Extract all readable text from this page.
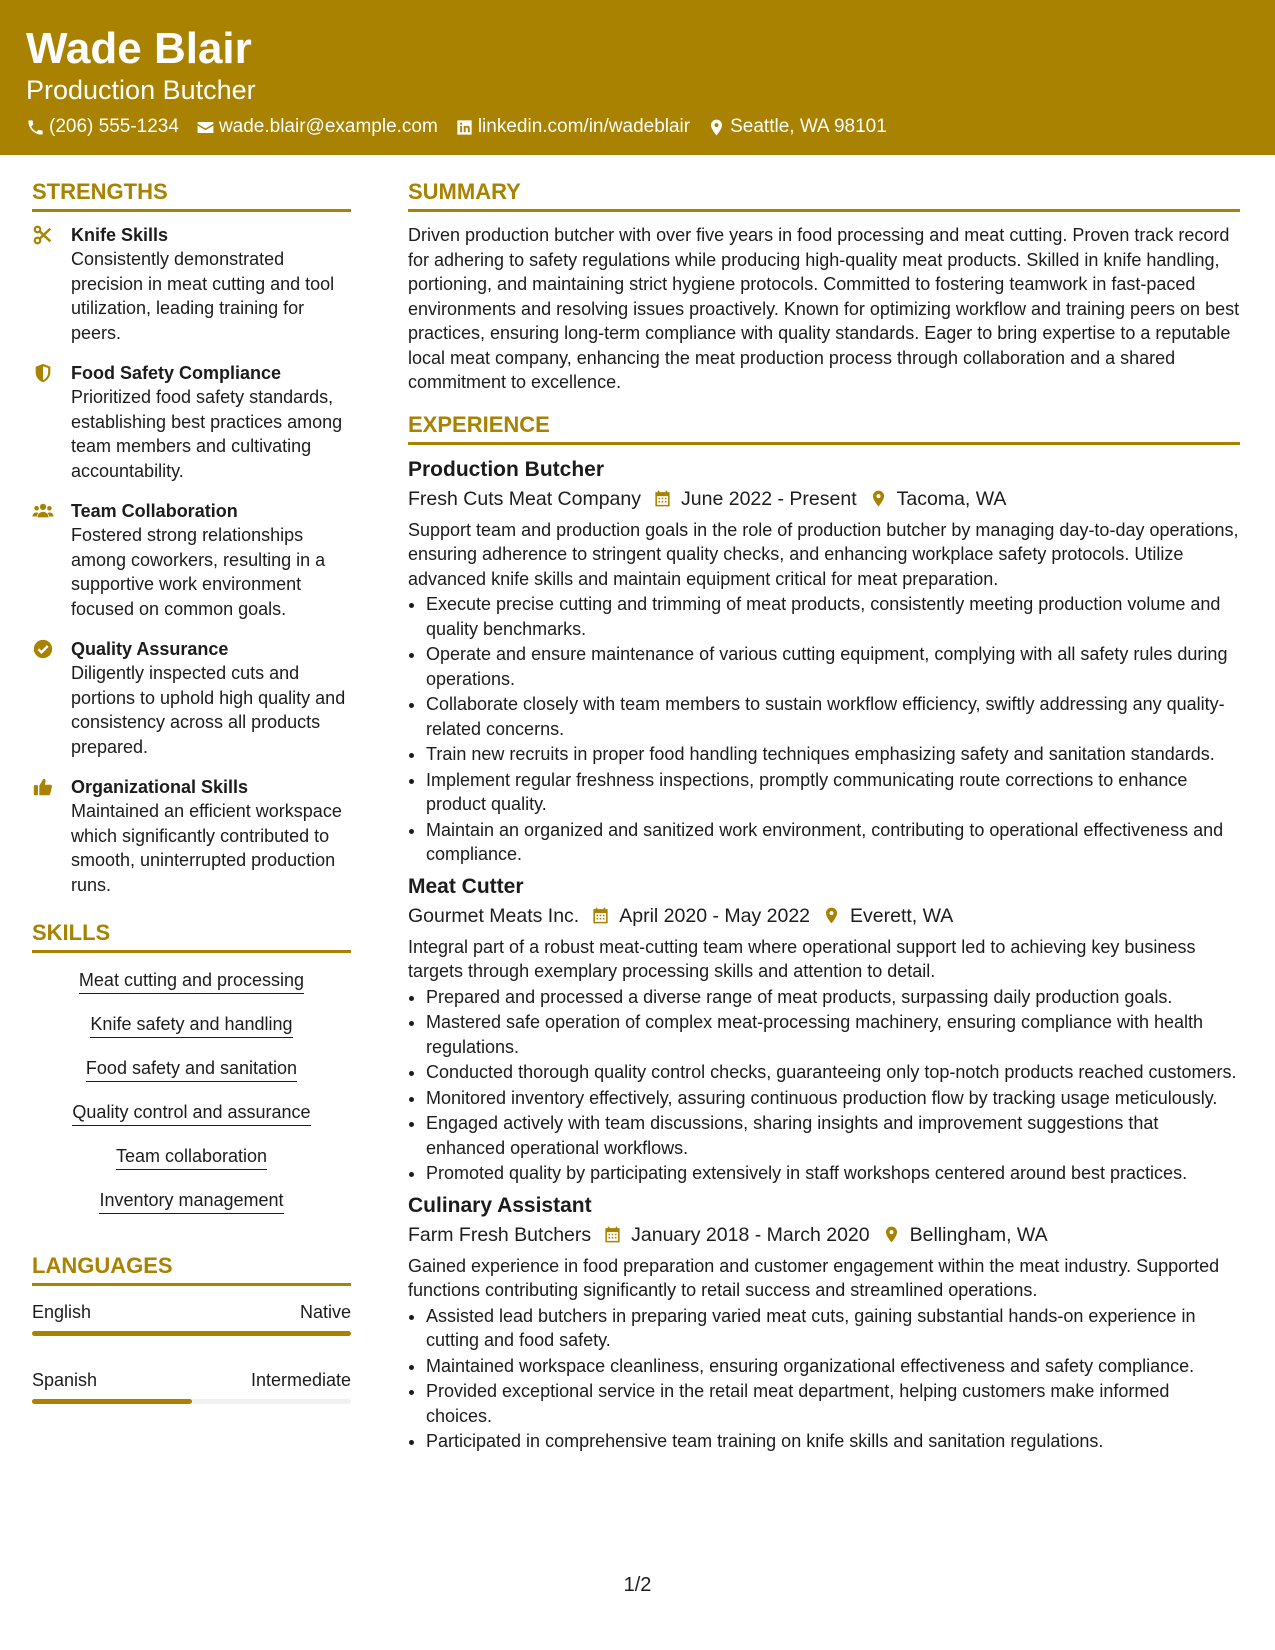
Wade Blair
Production Butcher
(206) 555-1234 wade.blair@example.com linkedin.com/in/wadeblair Seattle, WA 98101
STRENGTHS
Knife Skills
Consistently demonstrated precision in meat cutting and tool utilization, leading training for peers.
Food Safety Compliance
Prioritized food safety standards, establishing best practices among team members and cultivating accountability.
Team Collaboration
Fostered strong relationships among coworkers, resulting in a supportive work environment focused on common goals.
Quality Assurance
Diligently inspected cuts and portions to uphold high quality and consistency across all products prepared.
Organizational Skills
Maintained an efficient workspace which significantly contributed to smooth, uninterrupted production runs.
SKILLS
Meat cutting and processing
Knife safety and handling
Food safety and sanitation
Quality control and assurance
Team collaboration
Inventory management
LANGUAGES
English	Native
Spanish	Intermediate
SUMMARY
Driven production butcher with over five years in food processing and meat cutting. Proven track record for adhering to safety regulations while producing high-quality meat products. Skilled in knife handling, portioning, and maintaining strict hygiene protocols. Committed to fostering teamwork in fast-paced environments and resolving issues proactively. Known for optimizing workflow and training peers on best practices, ensuring long-term compliance with quality standards. Eager to bring expertise to a reputable local meat company, enhancing the meat production process through collaboration and a shared commitment to excellence.
EXPERIENCE
Production Butcher
Fresh Cuts Meat Company June 2022 - Present Tacoma, WA
Support team and production goals in the role of production butcher by managing day-to-day operations, ensuring adherence to stringent quality checks, and enhancing workplace safety protocols. Utilize advanced knife skills and maintain equipment critical for meat preparation.
• Execute precise cutting and trimming of meat products, consistently meeting production volume and quality benchmarks.
• Operate and ensure maintenance of various cutting equipment, complying with all safety rules during operations.
• Collaborate closely with team members to sustain workflow efficiency, swiftly addressing any quality-related concerns.
• Train new recruits in proper food handling techniques emphasizing safety and sanitation standards.
• Implement regular freshness inspections, promptly communicating route corrections to enhance product quality.
• Maintain an organized and sanitized work environment, contributing to operational effectiveness and compliance.
Meat Cutter
Gourmet Meats Inc. April 2020 - May 2022 Everett, WA
Integral part of a robust meat-cutting team where operational support led to achieving key business targets through exemplary processing skills and attention to detail.
• Prepared and processed a diverse range of meat products, surpassing daily production goals.
• Mastered safe operation of complex meat-processing machinery, ensuring compliance with health regulations.
• Conducted thorough quality control checks, guaranteeing only top-notch products reached customers.
• Monitored inventory effectively, assuring continuous production flow by tracking usage meticulously.
• Engaged actively with team discussions, sharing insights and improvement suggestions that enhanced operational workflows.
• Promoted quality by participating extensively in staff workshops centered around best practices.
Culinary Assistant
Farm Fresh Butchers January 2018 - March 2020 Bellingham, WA
Gained experience in food preparation and customer engagement within the meat industry. Supported functions contributing significantly to retail success and streamlined operations.
• Assisted lead butchers in preparing varied meat cuts, gaining substantial hands-on experience in cutting and food safety.
• Maintained workspace cleanliness, ensuring organizational effectiveness and safety compliance.
• Provided exceptional service in the retail meat department, helping customers make informed choices.
• Participated in comprehensive team training on knife skills and sanitation regulations.
1/2
